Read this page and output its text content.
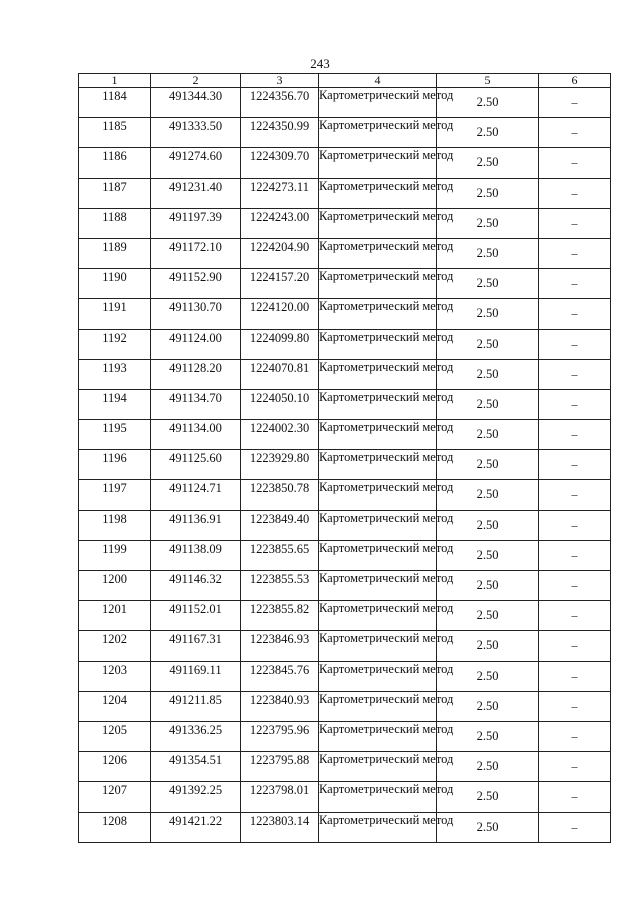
243
1	2	3	4	5	6
1184	491344.30	1224356.70	Картометрический метод	2.50	–
1185	491333.50	1224350.99	Картометрический метод	2.50	–
1186	491274.60	1224309.70	Картометрический метод	2.50	–
1187	491231.40	1224273.11	Картометрический метод	2.50	–
1188	491197.39	1224243.00	Картометрический метод	2.50	–
1189	491172.10	1224204.90	Картометрический метод	2.50	–
1190	491152.90	1224157.20	Картометрический метод	2.50	–
1191	491130.70	1224120.00	Картометрический метод	2.50	–
1192	491124.00	1224099.80	Картометрический метод	2.50	–
1193	491128.20	1224070.81	Картометрический метод	2.50	–
1194	491134.70	1224050.10	Картометрический метод	2.50	–
1195	491134.00	1224002.30	Картометрический метод	2.50	–
1196	491125.60	1223929.80	Картометрический метод	2.50	–
1197	491124.71	1223850.78	Картометрический метод	2.50	–
1198	491136.91	1223849.40	Картометрический метод	2.50	–
1199	491138.09	1223855.65	Картометрический метод	2.50	–
1200	491146.32	1223855.53	Картометрический метод	2.50	–
1201	491152.01	1223855.82	Картометрический метод	2.50	–
1202	491167.31	1223846.93	Картометрический метод	2.50	–
1203	491169.11	1223845.76	Картометрический метод	2.50	–
1204	491211.85	1223840.93	Картометрический метод	2.50	–
1205	491336.25	1223795.96	Картометрический метод	2.50	–
1206	491354.51	1223795.88	Картометрический метод	2.50	–
1207	491392.25	1223798.01	Картометрический метод	2.50	–
1208	491421.22	1223803.14	Картометрический метод	2.50	–
